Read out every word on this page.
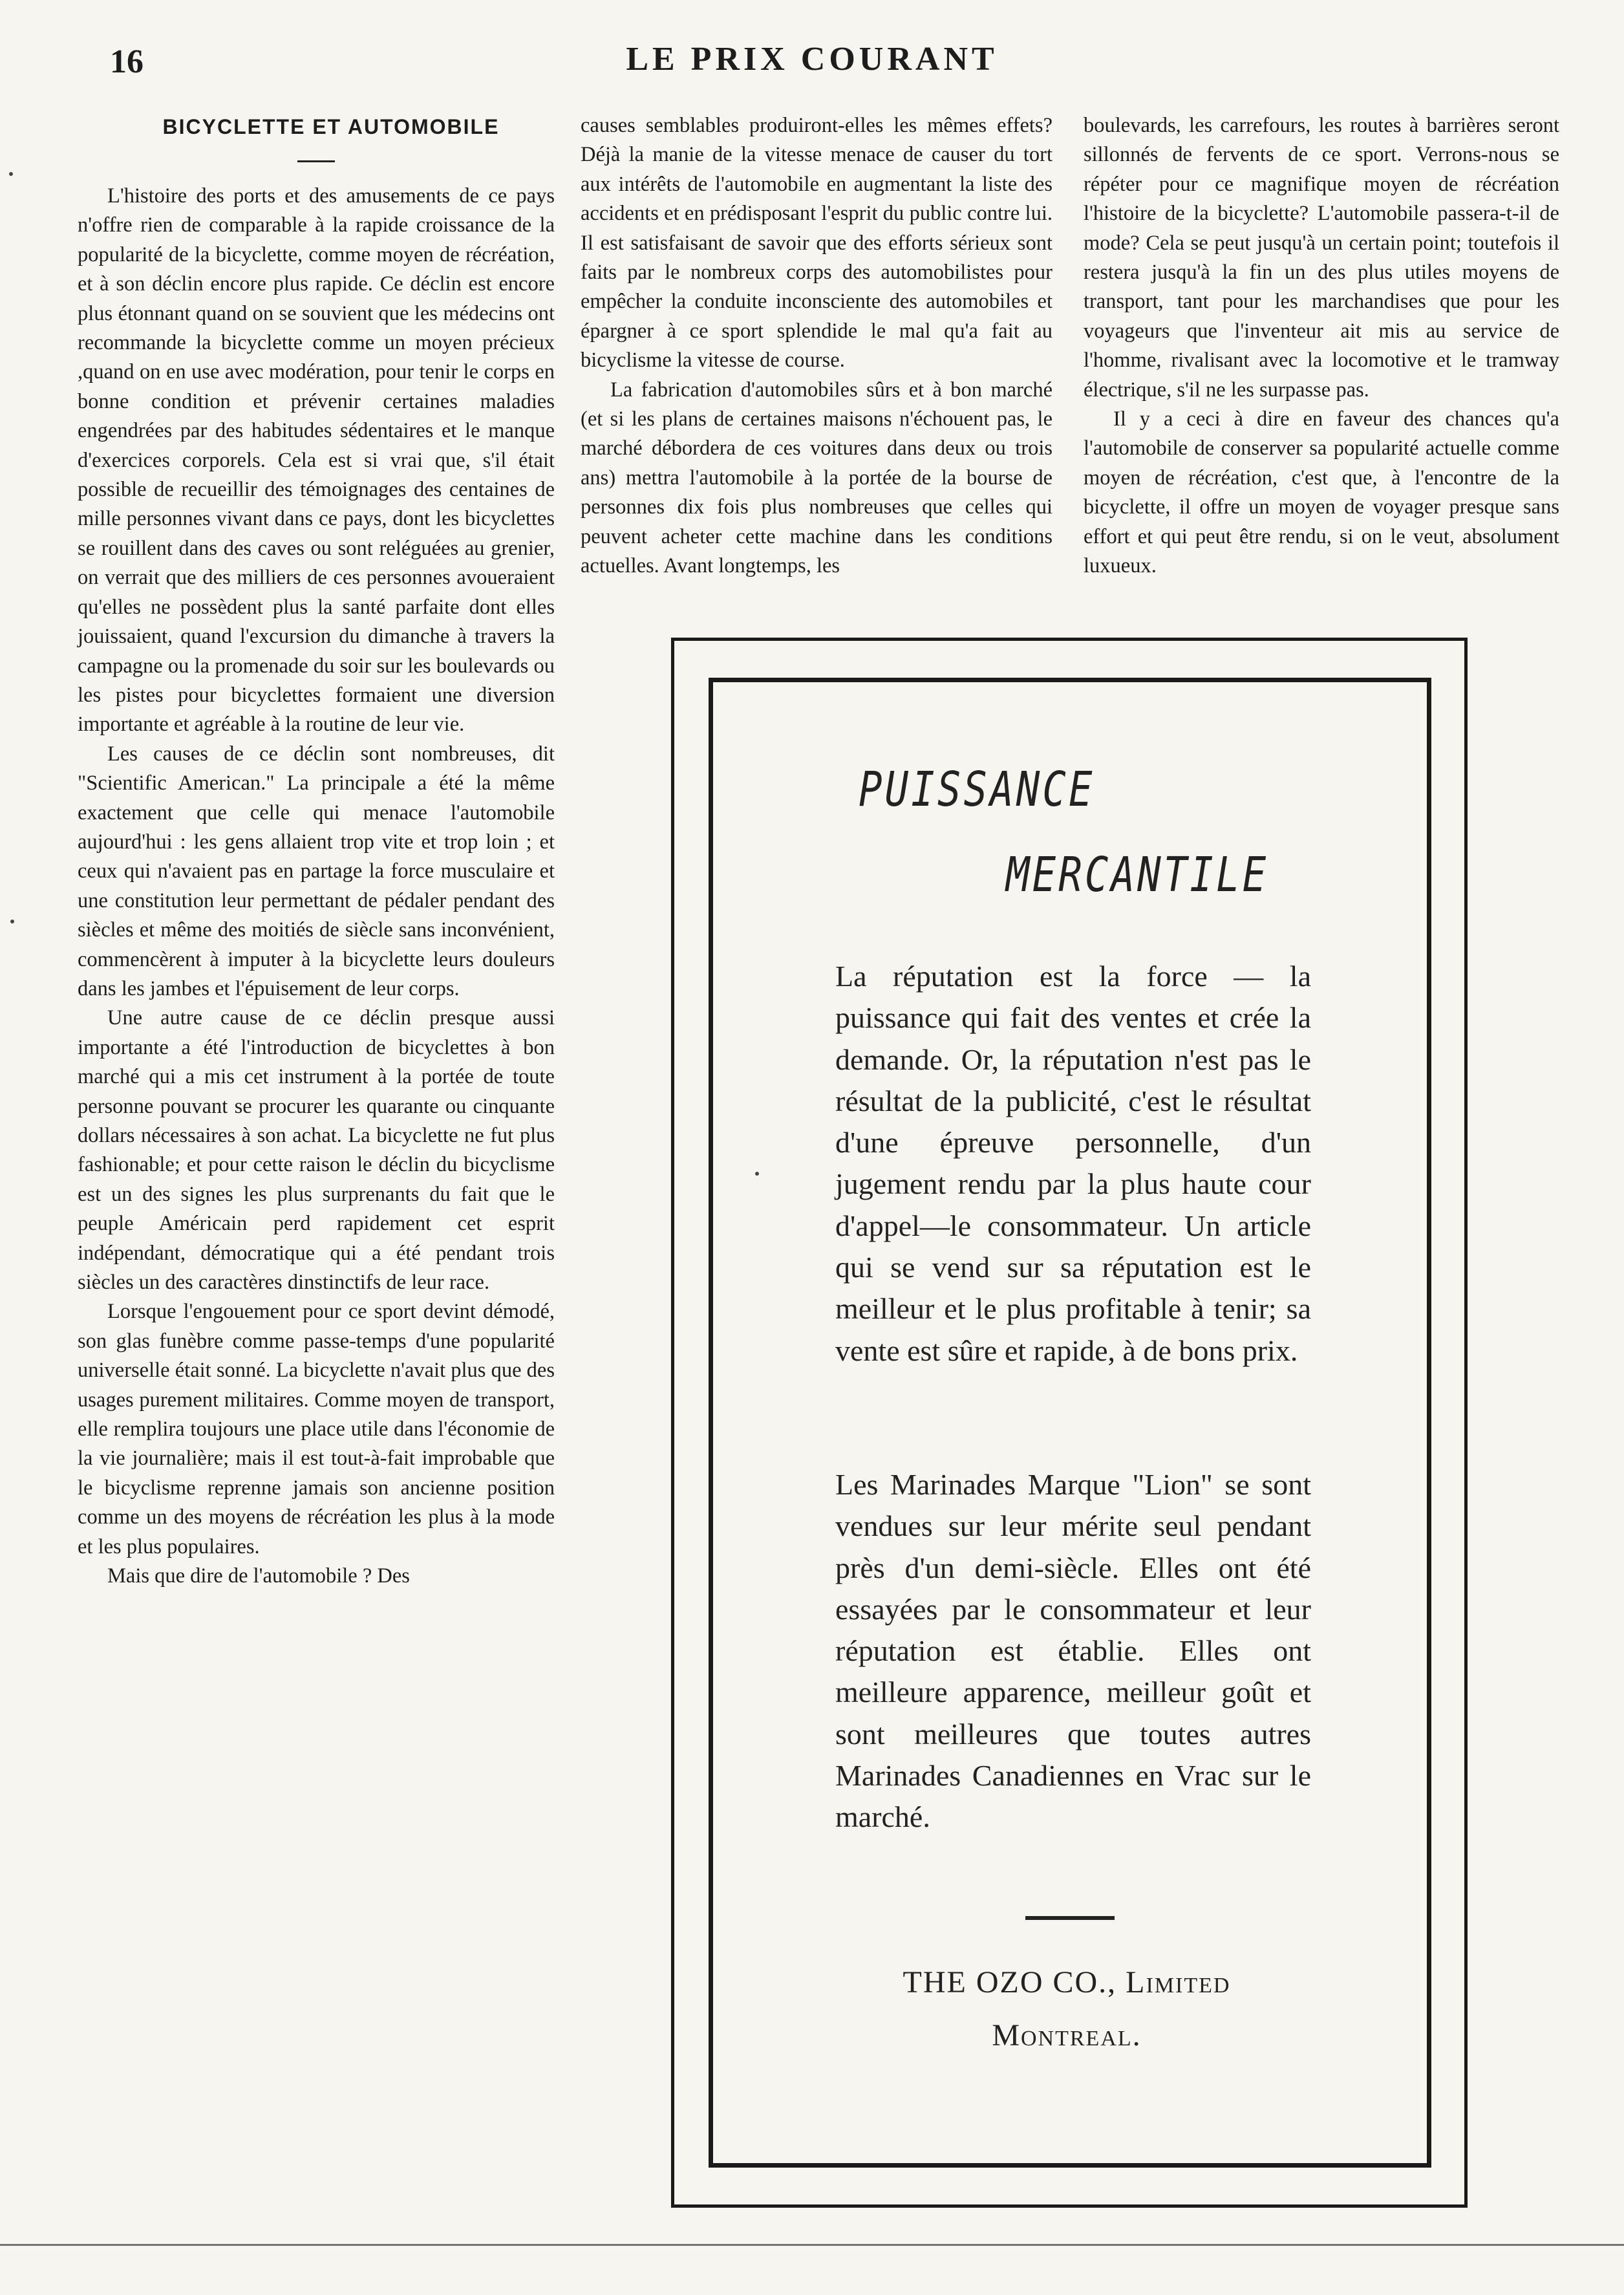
16	LE PRIX COURANT

BICYCLETTE ET AUTOMOBILE

L'histoire des ports et des amusements de ce pays n'offre rien de comparable à la rapide croissance de la popularité de la bicyclette, comme moyen de récréation, et à son déclin encore plus rapide. Ce déclin est encore plus étonnant quand on se souvient que les médecins ont recommande la bicyclette comme un moyen précieux ,quand on en use avec modération, pour tenir le corps en bonne condition et prévenir certaines maladies engendrées par des habitudes sédentaires et le manque d'exercices corporels. Cela est si vrai que, s'il était possible de recueillir des témoignages des centaines de mille personnes vivant dans ce pays, dont les bicyclettes se rouillent dans des caves ou sont reléguées au grenier, on verrait que des milliers de ces personnes avoueraient qu'elles ne possèdent plus la santé parfaite dont elles jouissaient, quand l'excursion du dimanche à travers la campagne ou la promenade du soir sur les boulevards ou les pistes pour bicyclettes formaient une diversion importante et agréable à la routine de leur vie.

Les causes de ce déclin sont nombreuses, dit "Scientific American." La principale a été la même exactement que celle qui menace l'automobile aujourd'hui : les gens allaient trop vite et trop loin ; et ceux qui n'avaient pas en partage la force musculaire et une constitution leur permettant de pédaler pendant des siècles et même des moitiés de siècle sans inconvénient, commencèrent à imputer à la bicyclette leurs douleurs dans les jambes et l'épuisement de leur corps.

Une autre cause de ce déclin presque aussi importante a été l'introduction de bicyclettes à bon marché qui a mis cet instrument à la portée de toute personne pouvant se procurer les quarante ou cinquante dollars nécessaires à son achat. La bicyclette ne fut plus fashionable; et pour cette raison le déclin du bicyclisme est un des signes les plus surprenants du fait que le peuple Américain perd rapidement cet esprit indépendant, démocratique qui a été pendant trois siècles un des caractères dinstinctifs de leur race.

Lorsque l'engouement pour ce sport devint démodé, son glas funèbre comme passe-temps d'une popularité universelle était sonné. La bicyclette n'avait plus que des usages purement militaires. Comme moyen de transport, elle remplira toujours une place utile dans l'économie de la vie journalière; mais il est tout-à-fait improbable que le bicyclisme reprenne jamais son ancienne position comme un des moyens de récréation les plus à la mode et les plus populaires.

Mais que dire de l'automobile ? Des

causes semblables produiront-elles les mêmes effets? Déjà la manie de la vitesse menace de causer du tort aux intérêts de l'automobile en augmentant la liste des accidents et en prédisposant l'esprit du public contre lui. Il est satisfaisant de savoir que des efforts sérieux sont faits par le nombreux corps des automobilistes pour empêcher la conduite inconsciente des automobiles et épargner à ce sport splendide le mal qu'a fait au bicyclisme la vitesse de course.

La fabrication d'automobiles sûrs et à bon marché (et si les plans de certaines maisons n'échouent pas, le marché débordera de ces voitures dans deux ou trois ans) mettra l'automobile à la portée de la bourse de personnes dix fois plus nombreuses que celles qui peuvent acheter cette machine dans les conditions actuelles. Avant longtemps, les

boulevards, les carrefours, les routes à barrières seront sillonnés de fervents de ce sport. Verrons-nous se répéter pour ce magnifique moyen de récréation l'histoire de la bicyclette? L'automobile passera-t-il de mode? Cela se peut jusqu'à un certain point; toutefois il restera jusqu'à la fin un des plus utiles moyens de transport, tant pour les marchandises que pour les voyageurs que l'inventeur ait mis au service de l'homme, rivalisant avec la locomotive et le tramway électrique, s'il ne les surpasse pas.

Il y a ceci à dire en faveur des chances qu'a l'automobile de conserver sa popularité actuelle comme moyen de récréation, c'est que, à l'encontre de la bicyclette, il offre un moyen de voyager presque sans effort et qui peut être rendu, si on le veut, absolument luxueux.

PUISSANCE
MERCANTILE

La réputation est la force — la puissance qui fait des ventes et crée la demande. Or, la réputation n'est pas le résultat de la publicité, c'est le résultat d'une épreuve personnelle, d'un jugement rendu par la plus haute cour d'appel—le consommateur. Un article qui se vend sur sa réputation est le meilleur et le plus profitable à tenir; sa vente est sûre et rapide, à de bons prix.

Les Marinades Marque "Lion" se sont vendues sur leur mérite seul pendant près d'un demi-siècle. Elles ont été essayées par le consommateur et leur réputation est établie. Elles ont meilleure apparence, meilleur goût et sont meilleures que toutes autres Marinades Canadiennes en Vrac sur le marché.

THE OZO CO., Limited
Montreal.
